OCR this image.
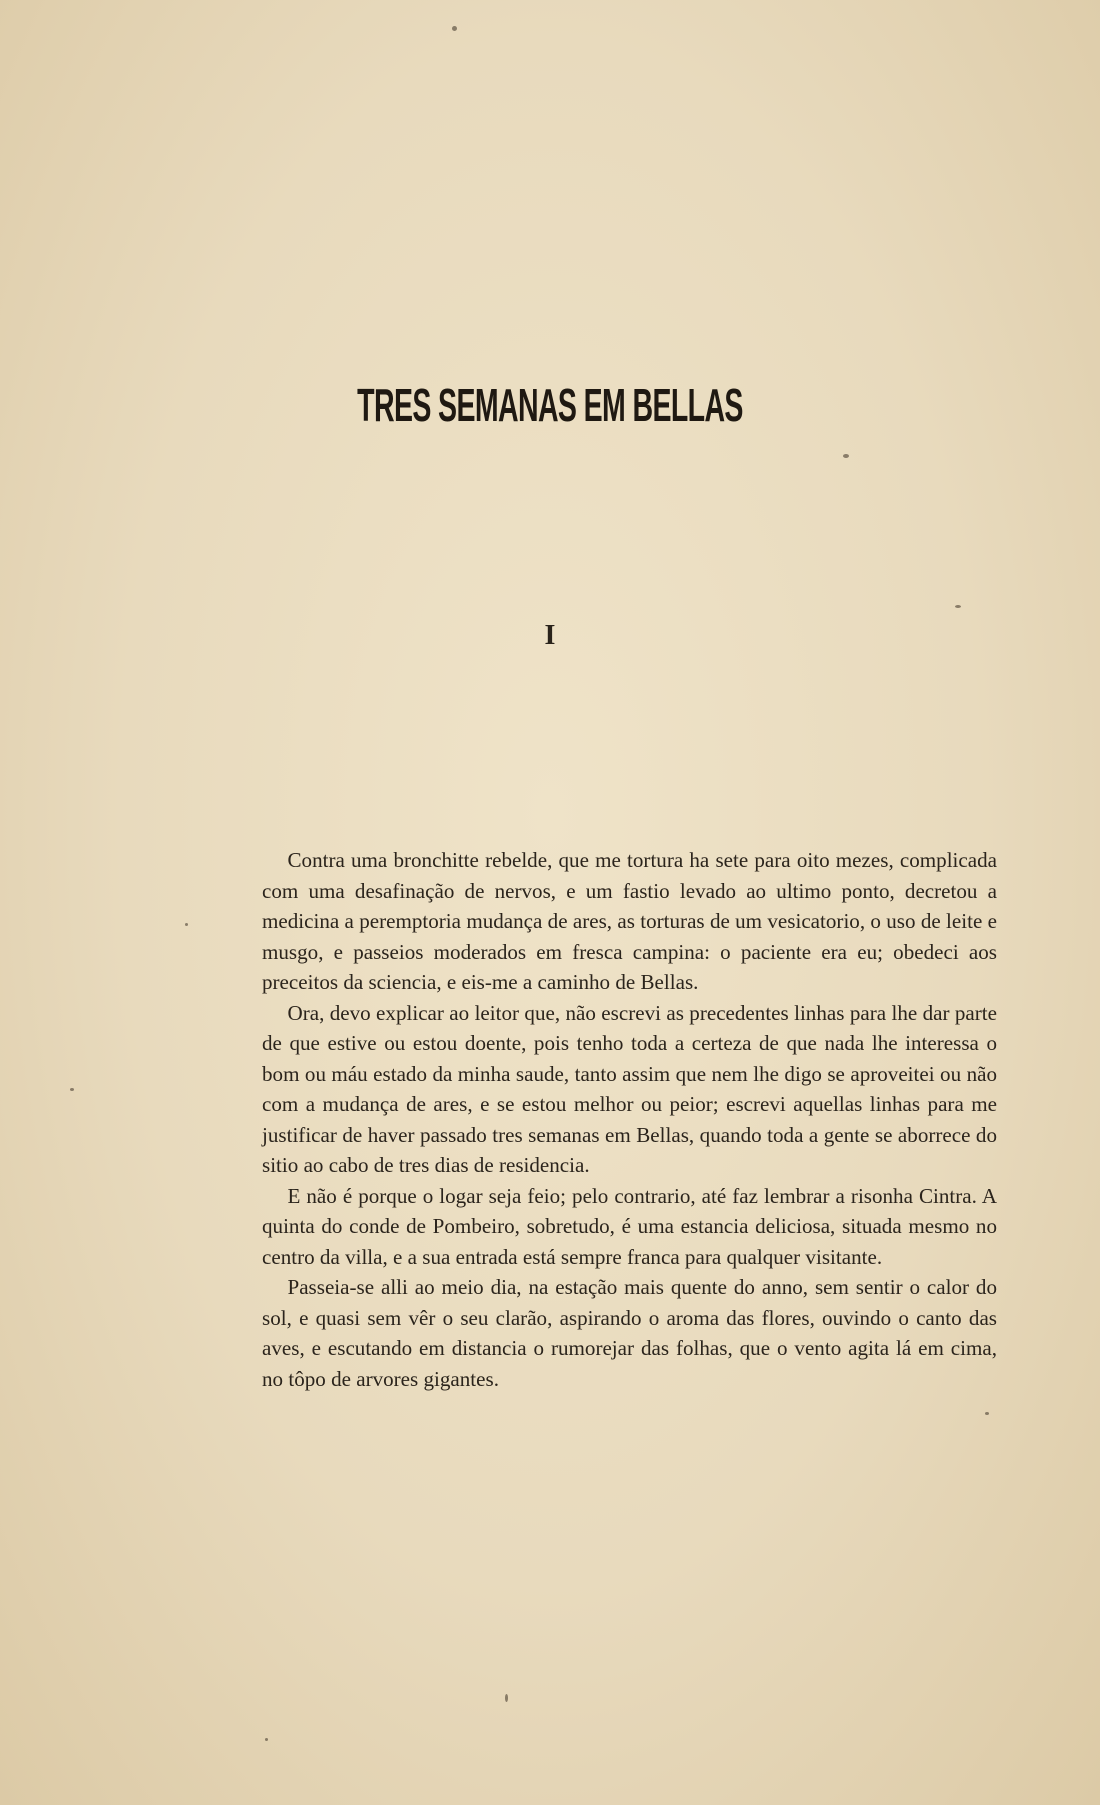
TRES SEMANAS EM BELLAS
I

Contra uma bronchitte rebelde, que me tortura ha sete para oito mezes, complicada com uma desafinação de nervos, e um fastio levado ao ultimo ponto, decretou a medicina a peremptoria mudança de ares, as torturas de um vesicatorio, o uso de leite e musgo, e passeios moderados em fresca campina: o paciente era eu; obedeci aos preceitos da sciencia, e eis-me a caminho de Bellas.

Ora, devo explicar ao leitor que, não escrevi as precedentes linhas para lhe dar parte de que estive ou estou doente, pois tenho toda a certeza de que nada lhe interessa o bom ou máu estado da minha saude, tanto assim que nem lhe digo se aproveitei ou não com a mudança de ares, e se estou melhor ou peior; escrevi aquellas linhas para me justificar de haver passado tres semanas em Bellas, quando toda a gente se aborrece do sitio ao cabo de tres dias de residencia.

E não é porque o logar seja feio; pelo contrario, até faz lembrar a risonha Cintra. A quinta do conde de Pombeiro, sobretudo, é uma estancia deliciosa, situada mesmo no centro da villa, e a sua entrada está sempre franca para qualquer visitante.

Passeia-se alli ao meio dia, na estação mais quente do anno, sem sentir o calor do sol, e quasi sem vêr o seu clarão, aspirando o aroma das flores, ouvindo o canto das aves, e escutando em distancia o rumorejar das folhas, que o vento agita lá em cima, no tôpo de arvores gigantes.
